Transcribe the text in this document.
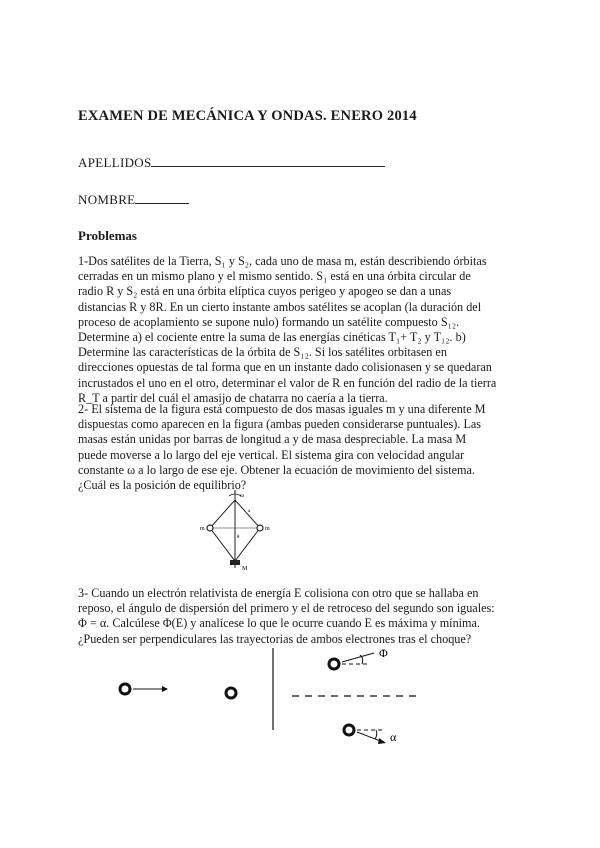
EXAMEN DE MECÁNICA Y ONDAS. ENERO 2014
APELLIDOS
NOMBRE
Problemas

1-Dos satélites de la Tierra, S₁ y S₂, cada uno de masa m, están describiendo órbitas cerradas en un mismo plano y el mismo sentido. S₁ está en una órbita circular de radio R y S₂ está en una órbita elíptica cuyos perigeo y apogeo se dan a unas distancias R y 8R. En un cierto instante ambos satélites se acoplan (la duración del proceso de acoplamiento se supone nulo) formando un satélite compuesto S₁₂. Determine a) el cociente entre la suma de las energías cinéticas T₁+ T₂ y T₁₂. b) Determine las características de la órbita de S₁₂. Si los satélites orbitasen en direcciones opuestas de tal forma que en un instante dado colisionasen y se quedaran incrustados el uno en el otro, determinar el valor de R en función del radio de la tierra R_T a partir del cuál el amasijo de chatarra no caería a la tierra.

2- El sistema de la figura está compuesto de dos masas iguales m y una diferente M dispuestas como aparecen en la figura (ambas pueden considerarse puntuales). Las masas están unidas por barras de longitud a y de masa despreciable. La masa M puede moverse a lo largo del eje vertical. El sistema gira con velocidad angular constante ω a lo largo de ese eje. Obtener la ecuación de movimiento del sistema. ¿Cuál es la posición de equilibrio?

ω
m	m
a
θ
M

3- Cuando un electrón relativista de energía E colisiona con otro que se hallaba en reposo, el ángulo de dispersión del primero y el de retroceso del segundo son iguales: Φ = α. Calcúlese Φ(E) y analícese lo que le ocurre cuando E es máxima y mínima. ¿Pueden ser perpendiculares las trayectorias de ambos electrones tras el choque?

Φ
α
